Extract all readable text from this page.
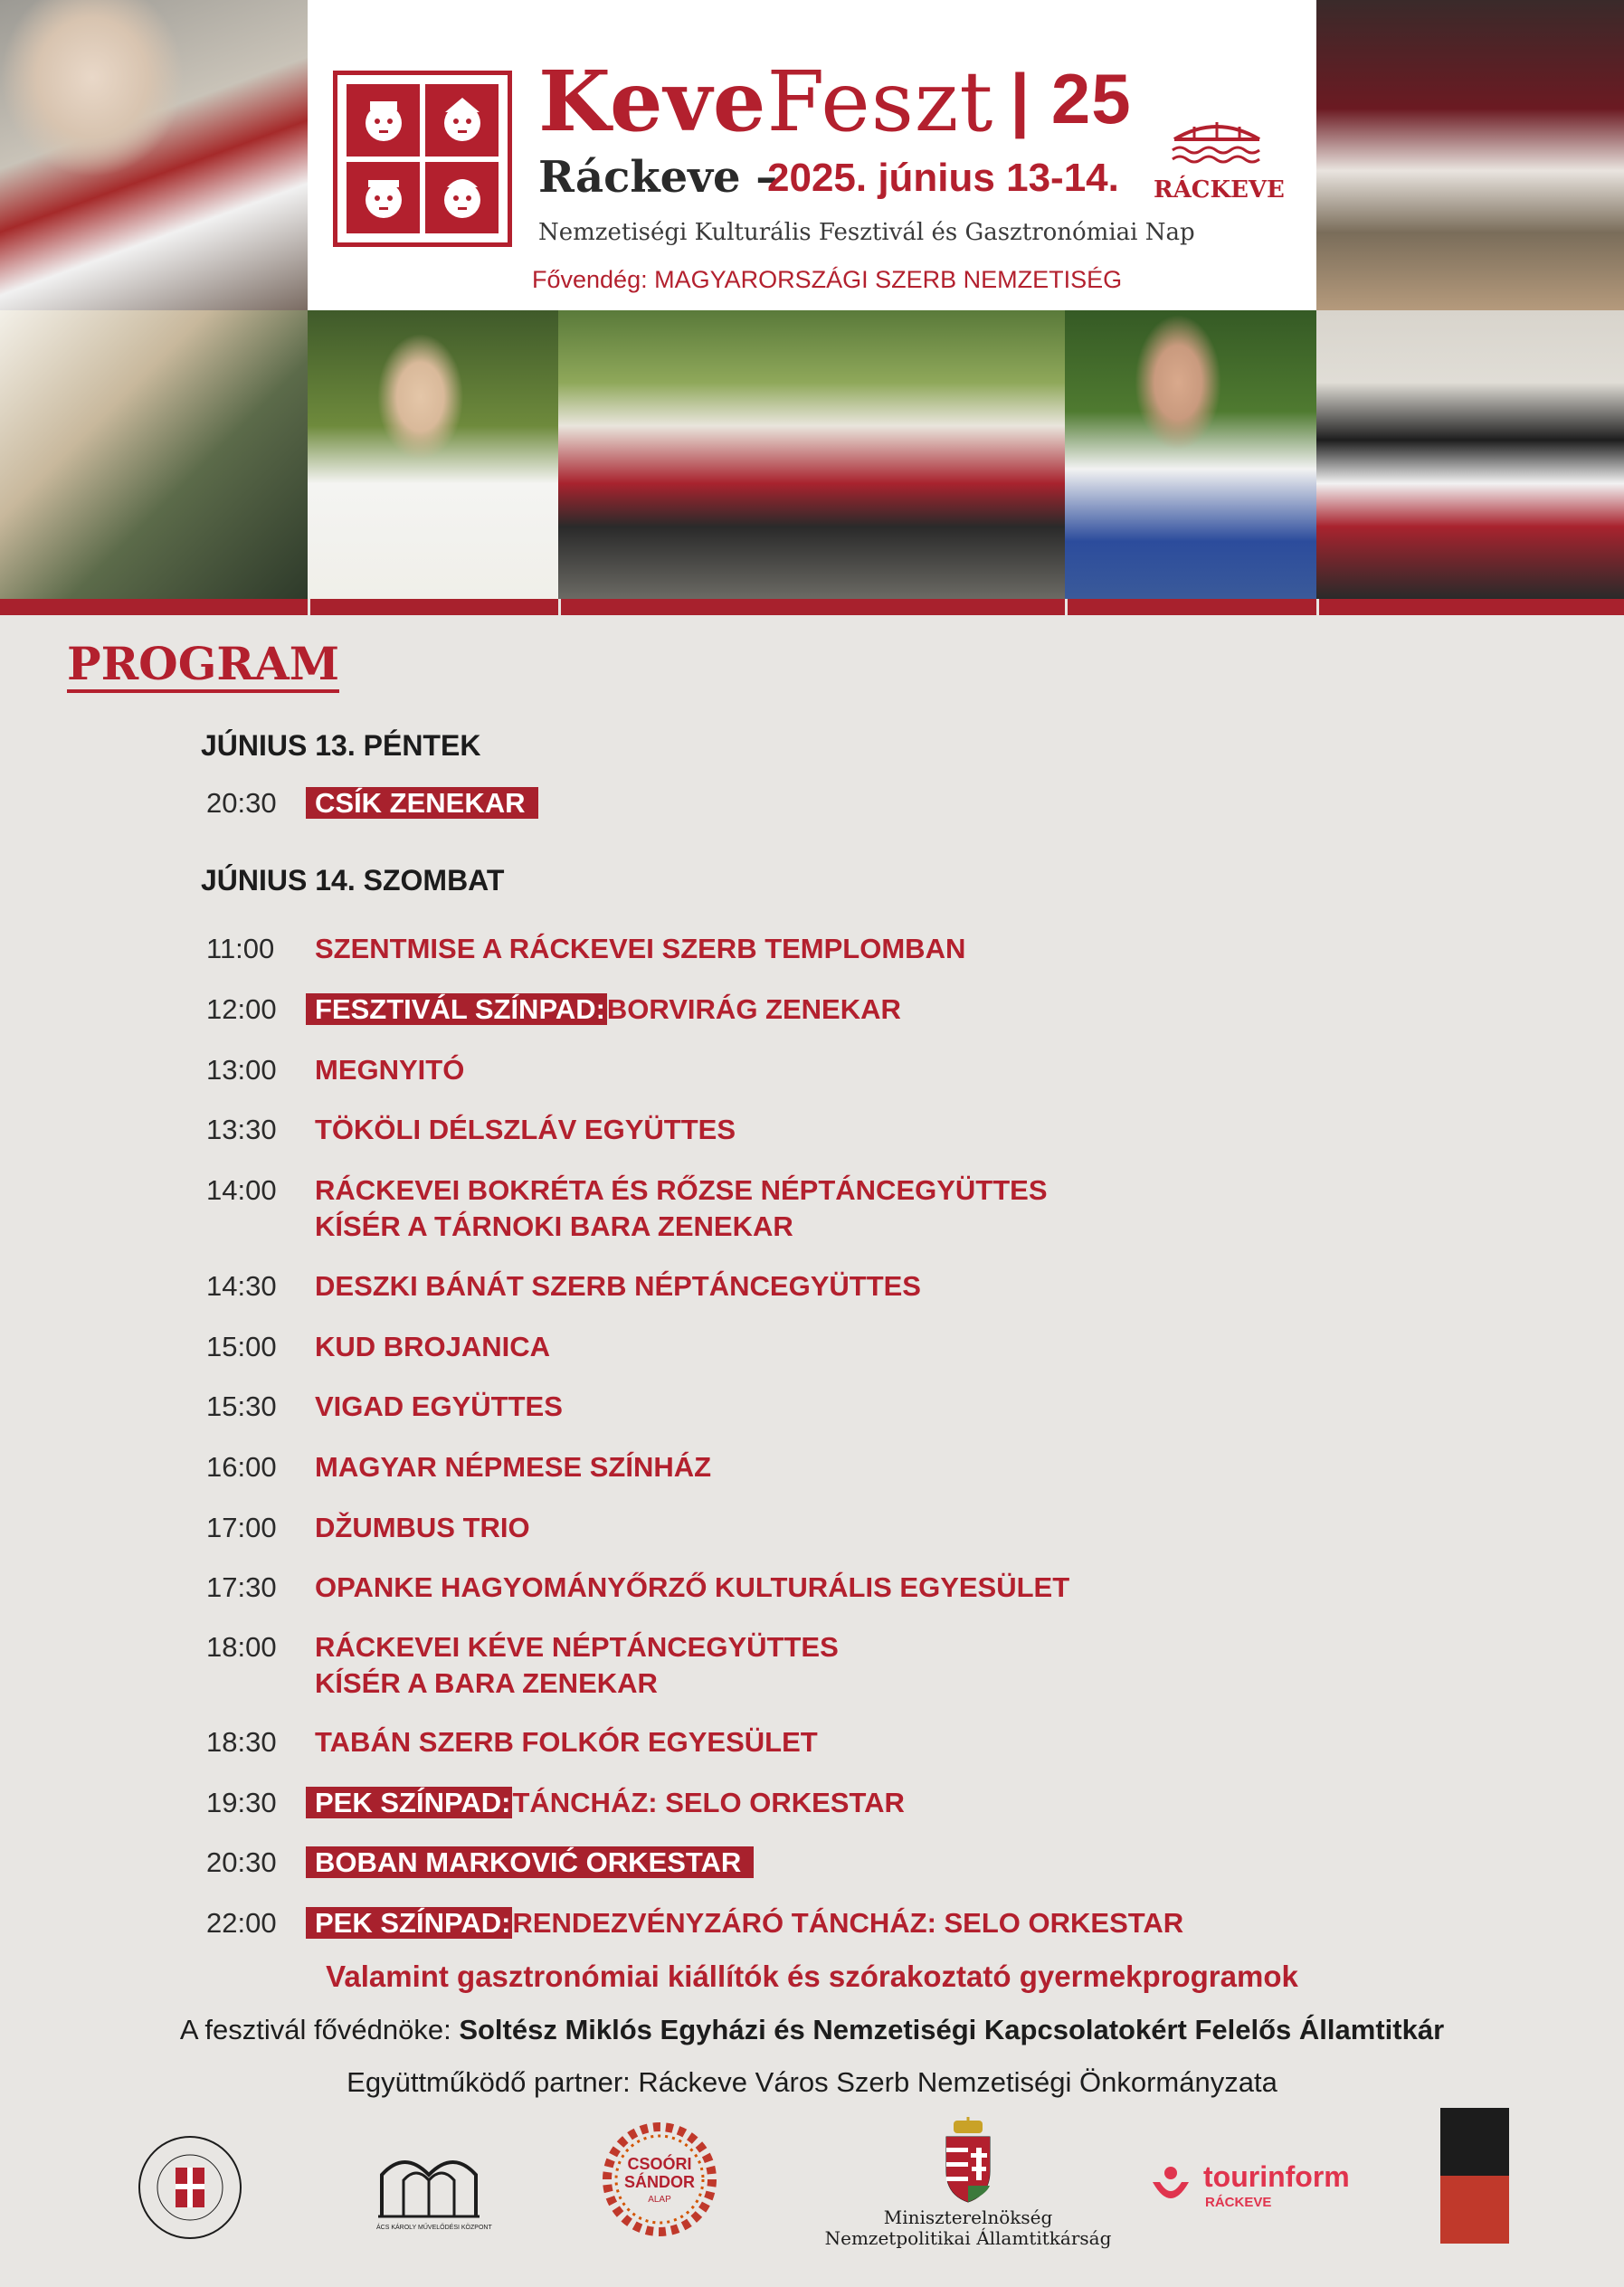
KeveFeszt | 25
Ráckeve –
2025. június 13-14.
Nemzetiségi Kulturális Fesztivál és Gasztronómiai Nap
Fővendég: MAGYARORSZÁGI SZERB NEMZETISÉG
RÁCKEVE
PROGRAM
JÚNIUS 13. PÉNTEK
20:30 CSÍK ZENEKAR
JÚNIUS 14. SZOMBAT
11:00 SZENTMISE A RÁCKEVEI SZERB TEMPLOMBAN
12:00 FESZTIVÁL SZÍNPAD:BORVIRÁG ZENEKAR
13:00 MEGNYITÓ
13:30 TÖKÖLI DÉLSZLÁV EGYÜTTES
14:00 RÁCKEVEI BOKRÉTA ÉS RŐZSE NÉPTÁNCEGYÜTTES
KÍSÉR A TÁRNOKI BARA ZENEKAR
14:30 DESZKI BÁNÁT SZERB NÉPTÁNCEGYÜTTES
15:00 KUD BROJANICA
15:30 VIGAD EGYÜTTES
16:00 MAGYAR NÉPMESE SZÍNHÁZ
17:00 DŽUMBUS TRIO
17:30 OPANKE HAGYOMÁNYŐRZŐ KULTURÁLIS EGYESÜLET
18:00 RÁCKEVEI KÉVE NÉPTÁNCEGYÜTTES
KÍSÉR A BARA ZENEKAR
18:30 TABÁN SZERB FOLKÓR EGYESÜLET
19:30 PEK SZÍNPAD:TÁNCHÁZ: SELO ORKESTAR
20:30 BOBAN MARKOVIĆ ORKESTAR
22:00 PEK SZÍNPAD:RENDEZVÉNYZÁRÓ TÁNCHÁZ: SELO ORKESTAR
Valamint gasztronómiai kiállítók és szórakoztató gyermekprogramok
A fesztivál fővédnöke: Soltész Miklós Egyházi és Nemzetiségi Kapcsolatokért Felelős Államtitkár
Együttműködő partner: Ráckeve Város Szerb Nemzetiségi Önkormányzata
ÁCS KÁROLY MŰVELŐDÉSI KÖZPONT
CSOÓRI
SÁNDOR
ALAP
Miniszterelnökség
Nemzetpolitikai Államtitkárság
tourinform
RÁCKEVE
